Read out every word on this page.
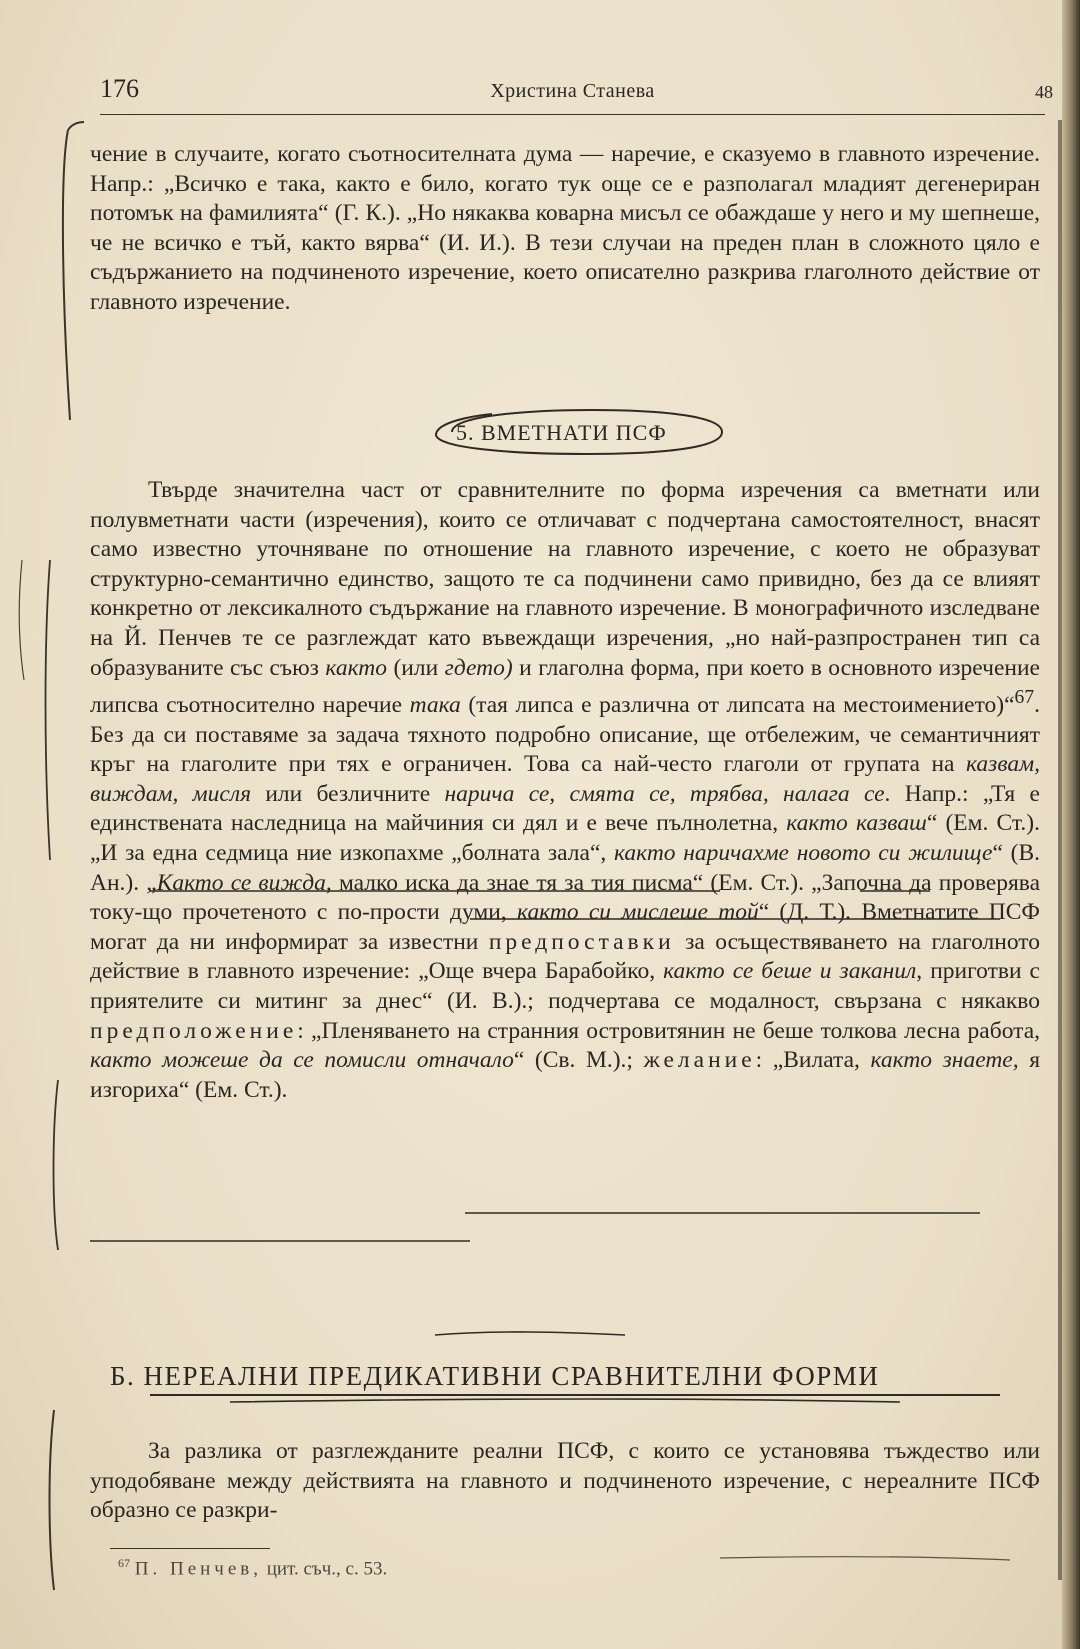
176	Христина Станева	48

чение в случаите, когато съотносителната дума — наречие, е сказуемо в главното изречение. Напр.: „Всичко е така, както е било, когато тук още се е разполагал младият дегенериран потомък на фамилията“ (Г. К.). „Но някаква коварна мисъл се обаждаше у него и му шепнеше, че не всичко е тъй, както вярва“ (И. И.). В тези случаи на преден план в сложното цяло е съдържанието на подчиненото изречение, което описателно разкрива глаголното действие от главното изречение.

5. ВМЕТНАТИ ПСФ

Твърде значителна част от сравнителните по форма изречения са вметнати или полувметнати части (изречения), които се отличават с подчертана самостоятелност, внасят само известно уточняване по отношение на главното изречение, с което не образуват структурно-семантично единство, защото те са подчинени само привидно, без да се влияят конкретно от лексикалното съдържание на главното изречение. В монографичното изследване на Й. Пенчев те се разглеждат като въвеждащи изречения, „но най-разпространен тип са образуваните със съюз както (или гдето) и глаголна форма, при което в основното изречение липсва съотносително наречие така (тая липса е различна от липсата на местоимението)“$^{67}$. Без да си поставяме за задача тяхното подробно описание, ще отбележим, че семантичният кръг на глаголите при тях е ограничен. Това са най-често глаголи от групата на казвам, виждам, мисля или безличните наричa се, смята се, трябва, налага се. Напр.: „Тя е единствената наследница на майчиния си дял и е вече пълнолетна, както казваш“ (Ем. Ст.). „И за една седмица ние изкопахме „болната зала“, както наричахме новото си жилище“ (В. Ан.). „Както се вижда, малко иска да знае тя за тия писма“ (Ем. Ст.). „Започна да проверява току-що прочетеното с по-прости думи, както си мислеше той“ (Д. Т.). Вметнатите ПСФ могат да ни информират за известни предпоставки за осъществяването на глаголното действие в главното изречение: „Още вчера Барабойко, както се беше и заканил, приготви с приятелите си митинг за днес“ (И. В.).; подчертава се модалност, свързана с някакво предположение: „Пленяването на странния островитянин не беше толкова лесна работа, както можеше да се помисли отначало“ (Св. М.).; желание: „Вилата, както знаете, я изгориха“ (Ем. Ст.).

Б. НЕРЕАЛНИ ПРЕДИКАТИВНИ СРАВНИТЕЛНИ ФОРМИ

За разлика от разглежданите реални ПСФ, с които се установява тъждество или уподобяване между действията на главното и подчиненото изречение, с нереалните ПСФ образно се разкри-

$^{67}$ П. Пенчев, цит. съч., с. 53.
